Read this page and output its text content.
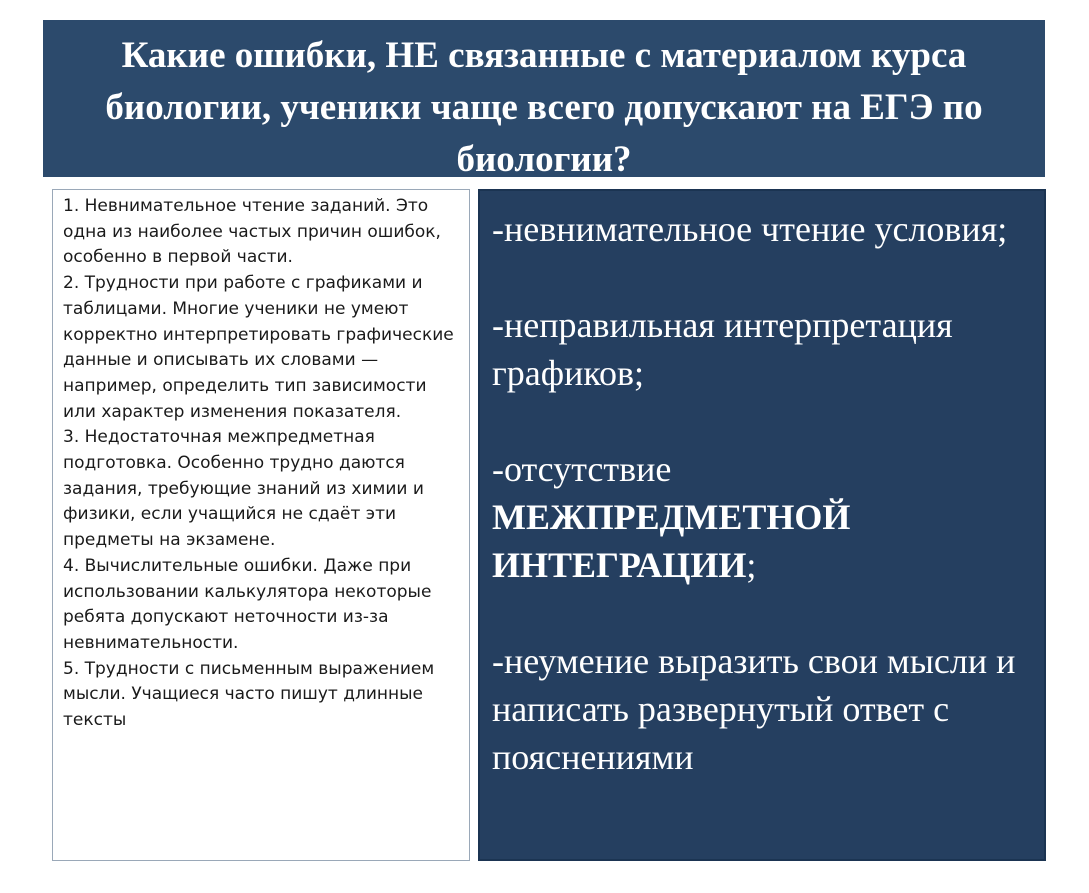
Какие ошибки, НЕ связанные с материалом курса биологии, ученики чаще всего допускают на ЕГЭ по биологии?

1. Невнимательное чтение заданий. Это одна из наиболее частых причин ошибок, особенно в первой части.

2. Трудности при работе с графиками и таблицами. Многие ученики не умеют корректно интерпретировать графические данные и описывать их словами — например, определить тип зависимости или характер изменения показателя.

3. Недостаточная межпредметная подготовка. Особенно трудно даются задания, требующие знаний из химии и физики, если учащийся не сдаёт эти предметы на экзамене.

4. Вычислительные ошибки. Даже при использовании калькулятора некоторые ребята допускают неточности из-за невнимательности.

5. Трудности с письменным выражением мысли. Учащиеся часто пишут длинные тексты

-невнимательное чтение условия;

-неправильная интерпретация графиков;

-отсутствие
МЕЖПРЕДМЕТНОЙ ИНТЕГРАЦИИ;

-неумение выразить свои мысли и написать развернутый ответ с пояснениями
